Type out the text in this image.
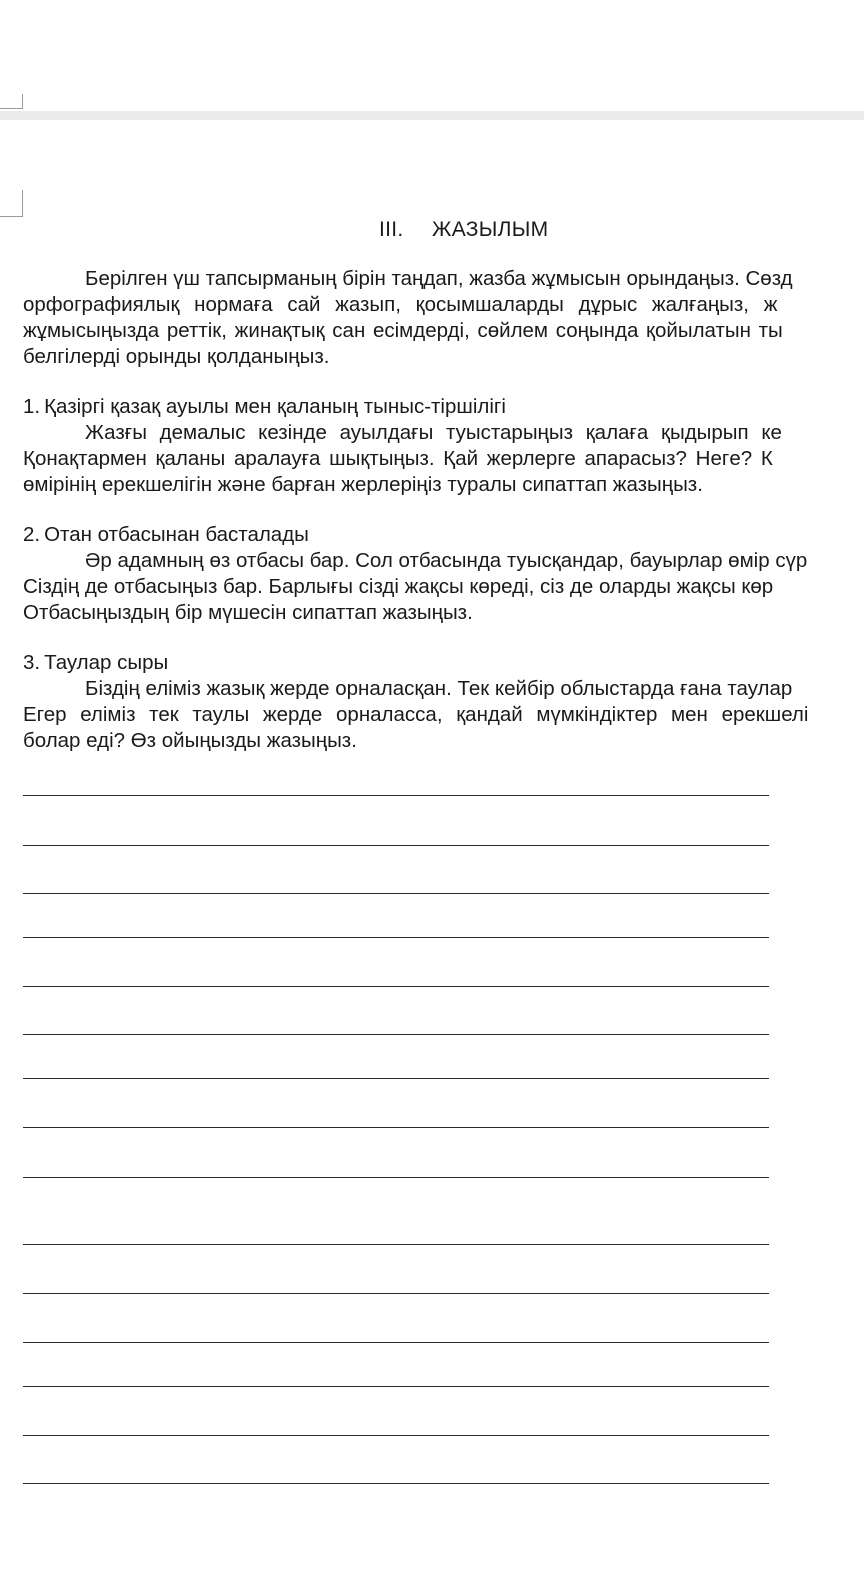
III. ЖАЗЫЛЫМ
Берілген үш тапсырманың бірін таңдап, жазба жұмысын орындаңыз. Сөзд
орфографиялық нормаға сай жазып, қосымшаларды дұрыс жалғаңыз, ж
жұмысыңызда реттік, жинақтық сан есімдерді, сөйлем соңында қойылатын ты
белгілерді орынды қолданыңыз.
1. Қазіргі қазақ ауылы мен қаланың тыныс-тіршілігі
Жазғы демалыс кезінде ауылдағы туыстарыңыз қалаға қыдырып ке
Қонақтармен қаланы аралауға шықтыңыз. Қай жерлерге апарасыз? Негe? К
өмірінің ерекшелігін және барған жерлеріңіз туралы сипаттап жазыңыз.
2. Отан отбасынан басталады
Әр адамның өз отбасы бар. Сол отбасында туысқандар, бауырлар өмір сүр
Сіздің де отбасыңыз бар. Барлығы сізді жақсы көреді, сіз де оларды жақсы көр
Отбасыңыздың бір мүшесін сипаттап жазыңыз.
3. Таулар сыры
Біздің еліміз жазық жерде орналасқан. Тек кейбір облыстарда ғана таулар
Егер еліміз тек таулы жерде орналасса, қандай мүмкіндіктер мен ерекшелі
болар еді? Өз ойыңызды жазыңыз.
